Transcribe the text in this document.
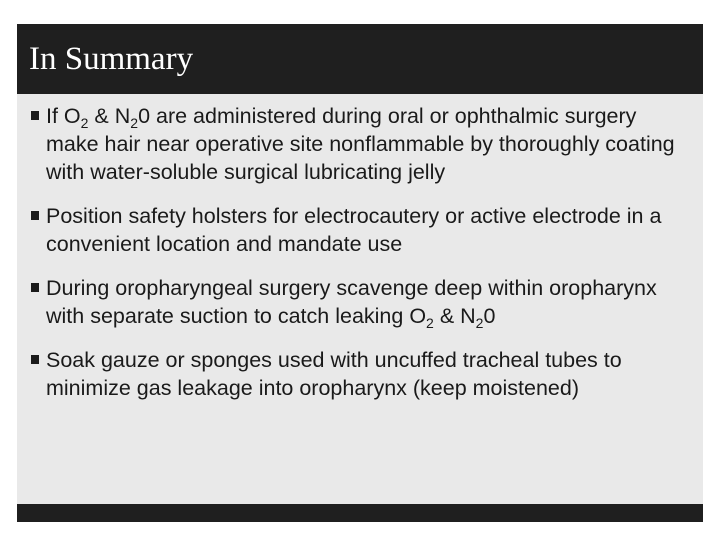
In Summary
If $O_2$ & $N_20$ are administered during oral or ophthalmic surgery make hair near operative site nonflammable by thoroughly coating with water-soluble surgical lubricating jelly
Position safety holsters for electrocautery or active electrode in a convenient location and mandate use
During oropharyngeal surgery scavenge deep within oropharynx with separate suction to catch leaking $O_2$ & $N_20$
Soak gauze or sponges used with uncuffed tracheal tubes to minimize gas leakage into oropharynx (keep moistened)
